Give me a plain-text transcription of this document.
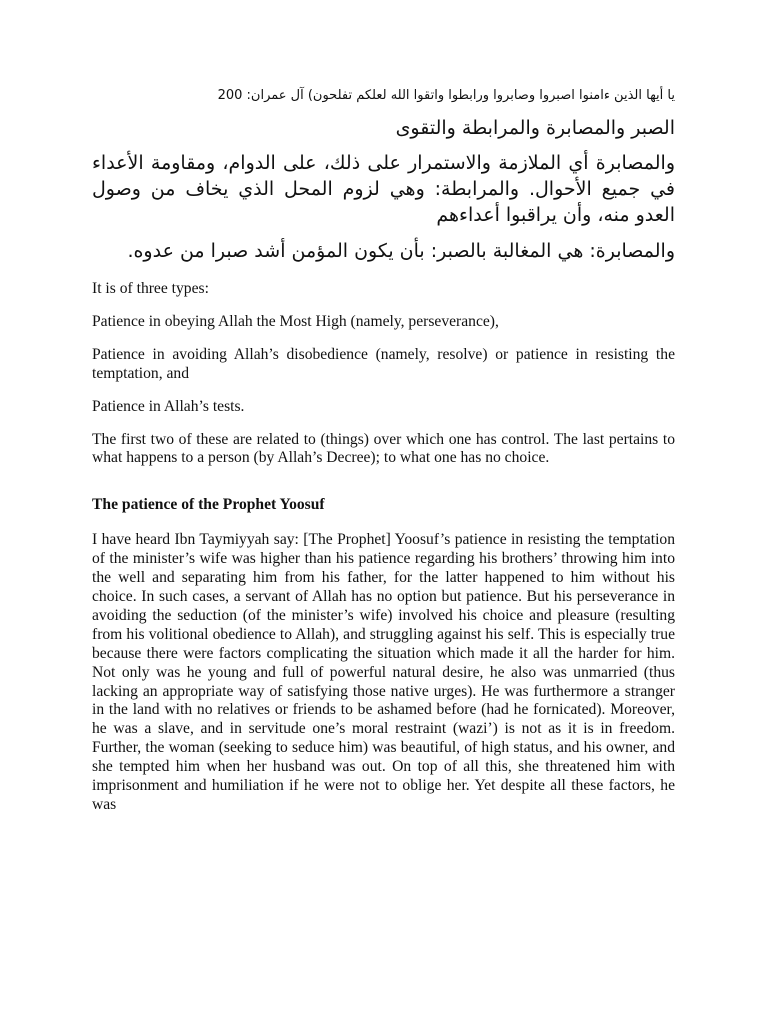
يا أيها الذين ءامنوا اصبروا وصابروا ورابطوا واتقوا الله لعلكم تفلحون) آل عمران: 200

الصبر والمصابرة والمرابطة والتقوى

والمصابرة أي الملازمة والاستمرار على ذلك، على الدوام، ومقاومة الأعداء في جميع الأحوال. والمرابطة: وهي لزوم المحل الذي يخاف من وصول العدو منه، وأن يراقبوا أعداءهم

والمصابرة: هي المغالبة بالصبر: بأن يكون المؤمن أشد صبرا من عدوه.

It is of three types:

Patience in obeying Allah the Most High (namely, perseverance),

Patience in avoiding Allah’s disobedience (namely, resolve) or patience in resisting the temptation, and

Patience in Allah’s tests.

The first two of these are related to (things) over which one has control. The last pertains to what happens to a person (by Allah’s Decree); to what one has no choice.

The patience of the Prophet Yoosuf

I have heard Ibn Taymiyyah say: [The Prophet] Yoosuf’s patience in resisting the temptation of the minister’s wife was higher than his patience regarding his brothers’ throwing him into the well and separating him from his father, for the latter happened to him without his choice. In such cases, a servant of Allah has no option but patience. But his perseverance in avoiding the seduction (of the minister’s wife) involved his choice and pleasure (resulting from his volitional obedience to Allah), and struggling against his self. This is especially true because there were factors complicating the situation which made it all the harder for him. Not only was he young and full of powerful natural desire, he also was unmarried (thus lacking an appropriate way of satisfying those native urges). He was furthermore a stranger in the land with no relatives or friends to be ashamed before (had he fornicated). Moreover, he was a slave, and in servitude one’s moral restraint (wazi’) is not as it is in freedom. Further, the woman (seeking to seduce him) was beautiful, of high status, and his owner, and she tempted him when her husband was out. On top of all this, she threatened him with imprisonment and humiliation if he were not to oblige her. Yet despite all these factors, he was
